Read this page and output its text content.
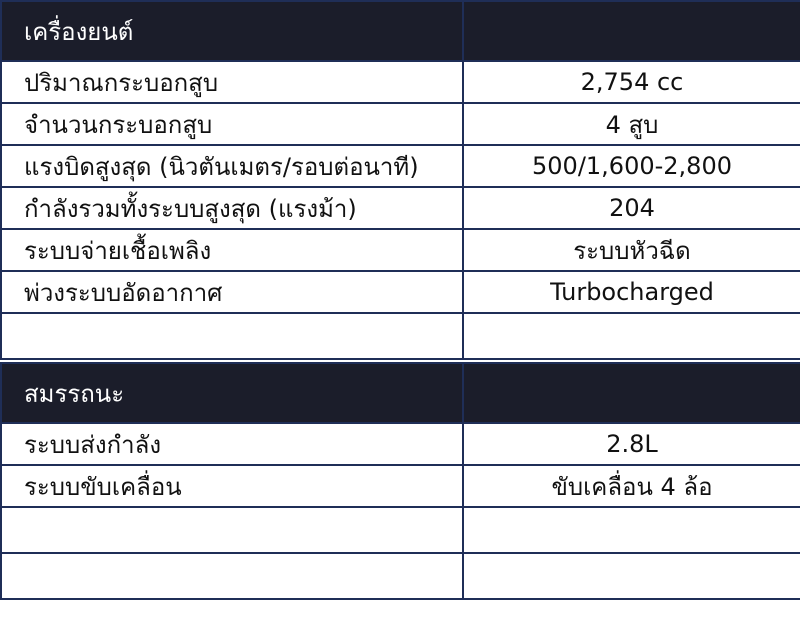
เครื่องยนต์	
ปริมาณกระบอกสูบ	2,754 cc
จำนวนกระบอกสูบ	4 สูบ
แรงบิดสูงสุด (นิวตันเมตร/รอบต่อนาที)	500/1,600-2,800
กำลังรวมทั้งระบบสูงสุด (แรงม้า)	204
ระบบจ่ายเชื้อเพลิง	ระบบหัวฉีด
พ่วงระบบอัดอากาศ	Turbocharged

สมรรถนะ	
ระบบส่งกำลัง	2.8L
ระบบขับเคลื่อน	ขับเคลื่อน 4 ล้อ
